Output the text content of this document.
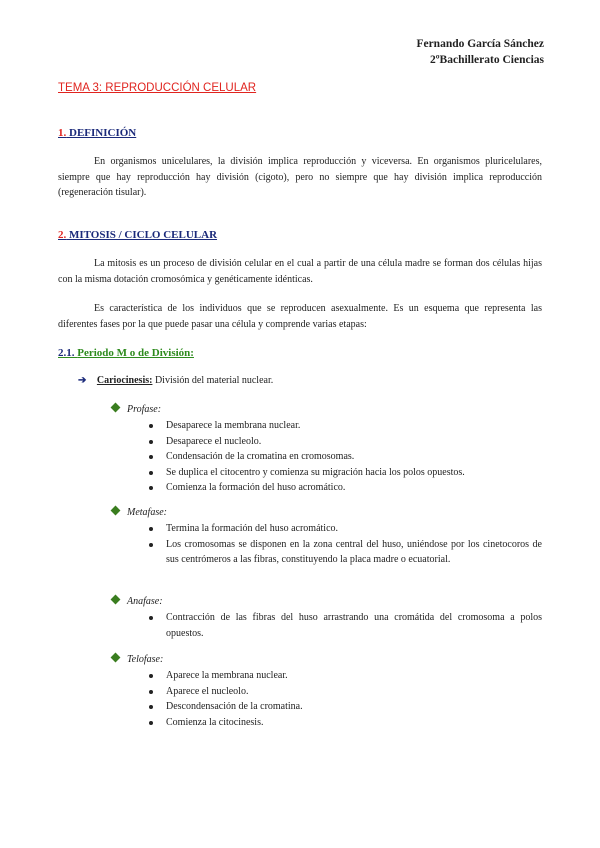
Fernando García Sánchez
2ºBachillerato Ciencias
TEMA 3: REPRODUCCIÓN CELULAR
1. DEFINICIÓN
En organismos unicelulares, la división implica reproducción y viceversa. En organismos pluricelulares, siempre que hay reproducción hay división (cigoto), pero no siempre que hay división implica reproducción (regeneración tisular).
2. MITOSIS / CICLO CELULAR
La mitosis es un proceso de división celular en el cual a partir de una célula madre se forman dos células hijas con la misma dotación cromosómica y genéticamente idénticas.
Es característica de los individuos que se reproducen asexualmente. Es un esquema que representa las diferentes fases por la que puede pasar una célula y comprende varias etapas:
2.1. Periodo M o de División:
➔ Cariocinesis: División del material nuclear.
Profase:
Desaparece la membrana nuclear.
Desaparece el nucleolo.
Condensación de la cromatina en cromosomas.
Se duplica el citocentro y comienza su migración hacia los polos opuestos.
Comienza la formación del huso acromático.
Metafase:
Termina la formación del huso acromático.
Los cromosomas se disponen en la zona central del huso, uniéndose por los cinetocoros de sus centrómeros a las fibras, constituyendo la placa madre o ecuatorial.
Anafase:
Contracción de las fibras del huso arrastrando una cromátida del cromosoma a polos opuestos.
Telofase:
Aparece la membrana nuclear.
Aparece el nucleolo.
Descondensación de la cromatina.
Comienza la citocinesis.
